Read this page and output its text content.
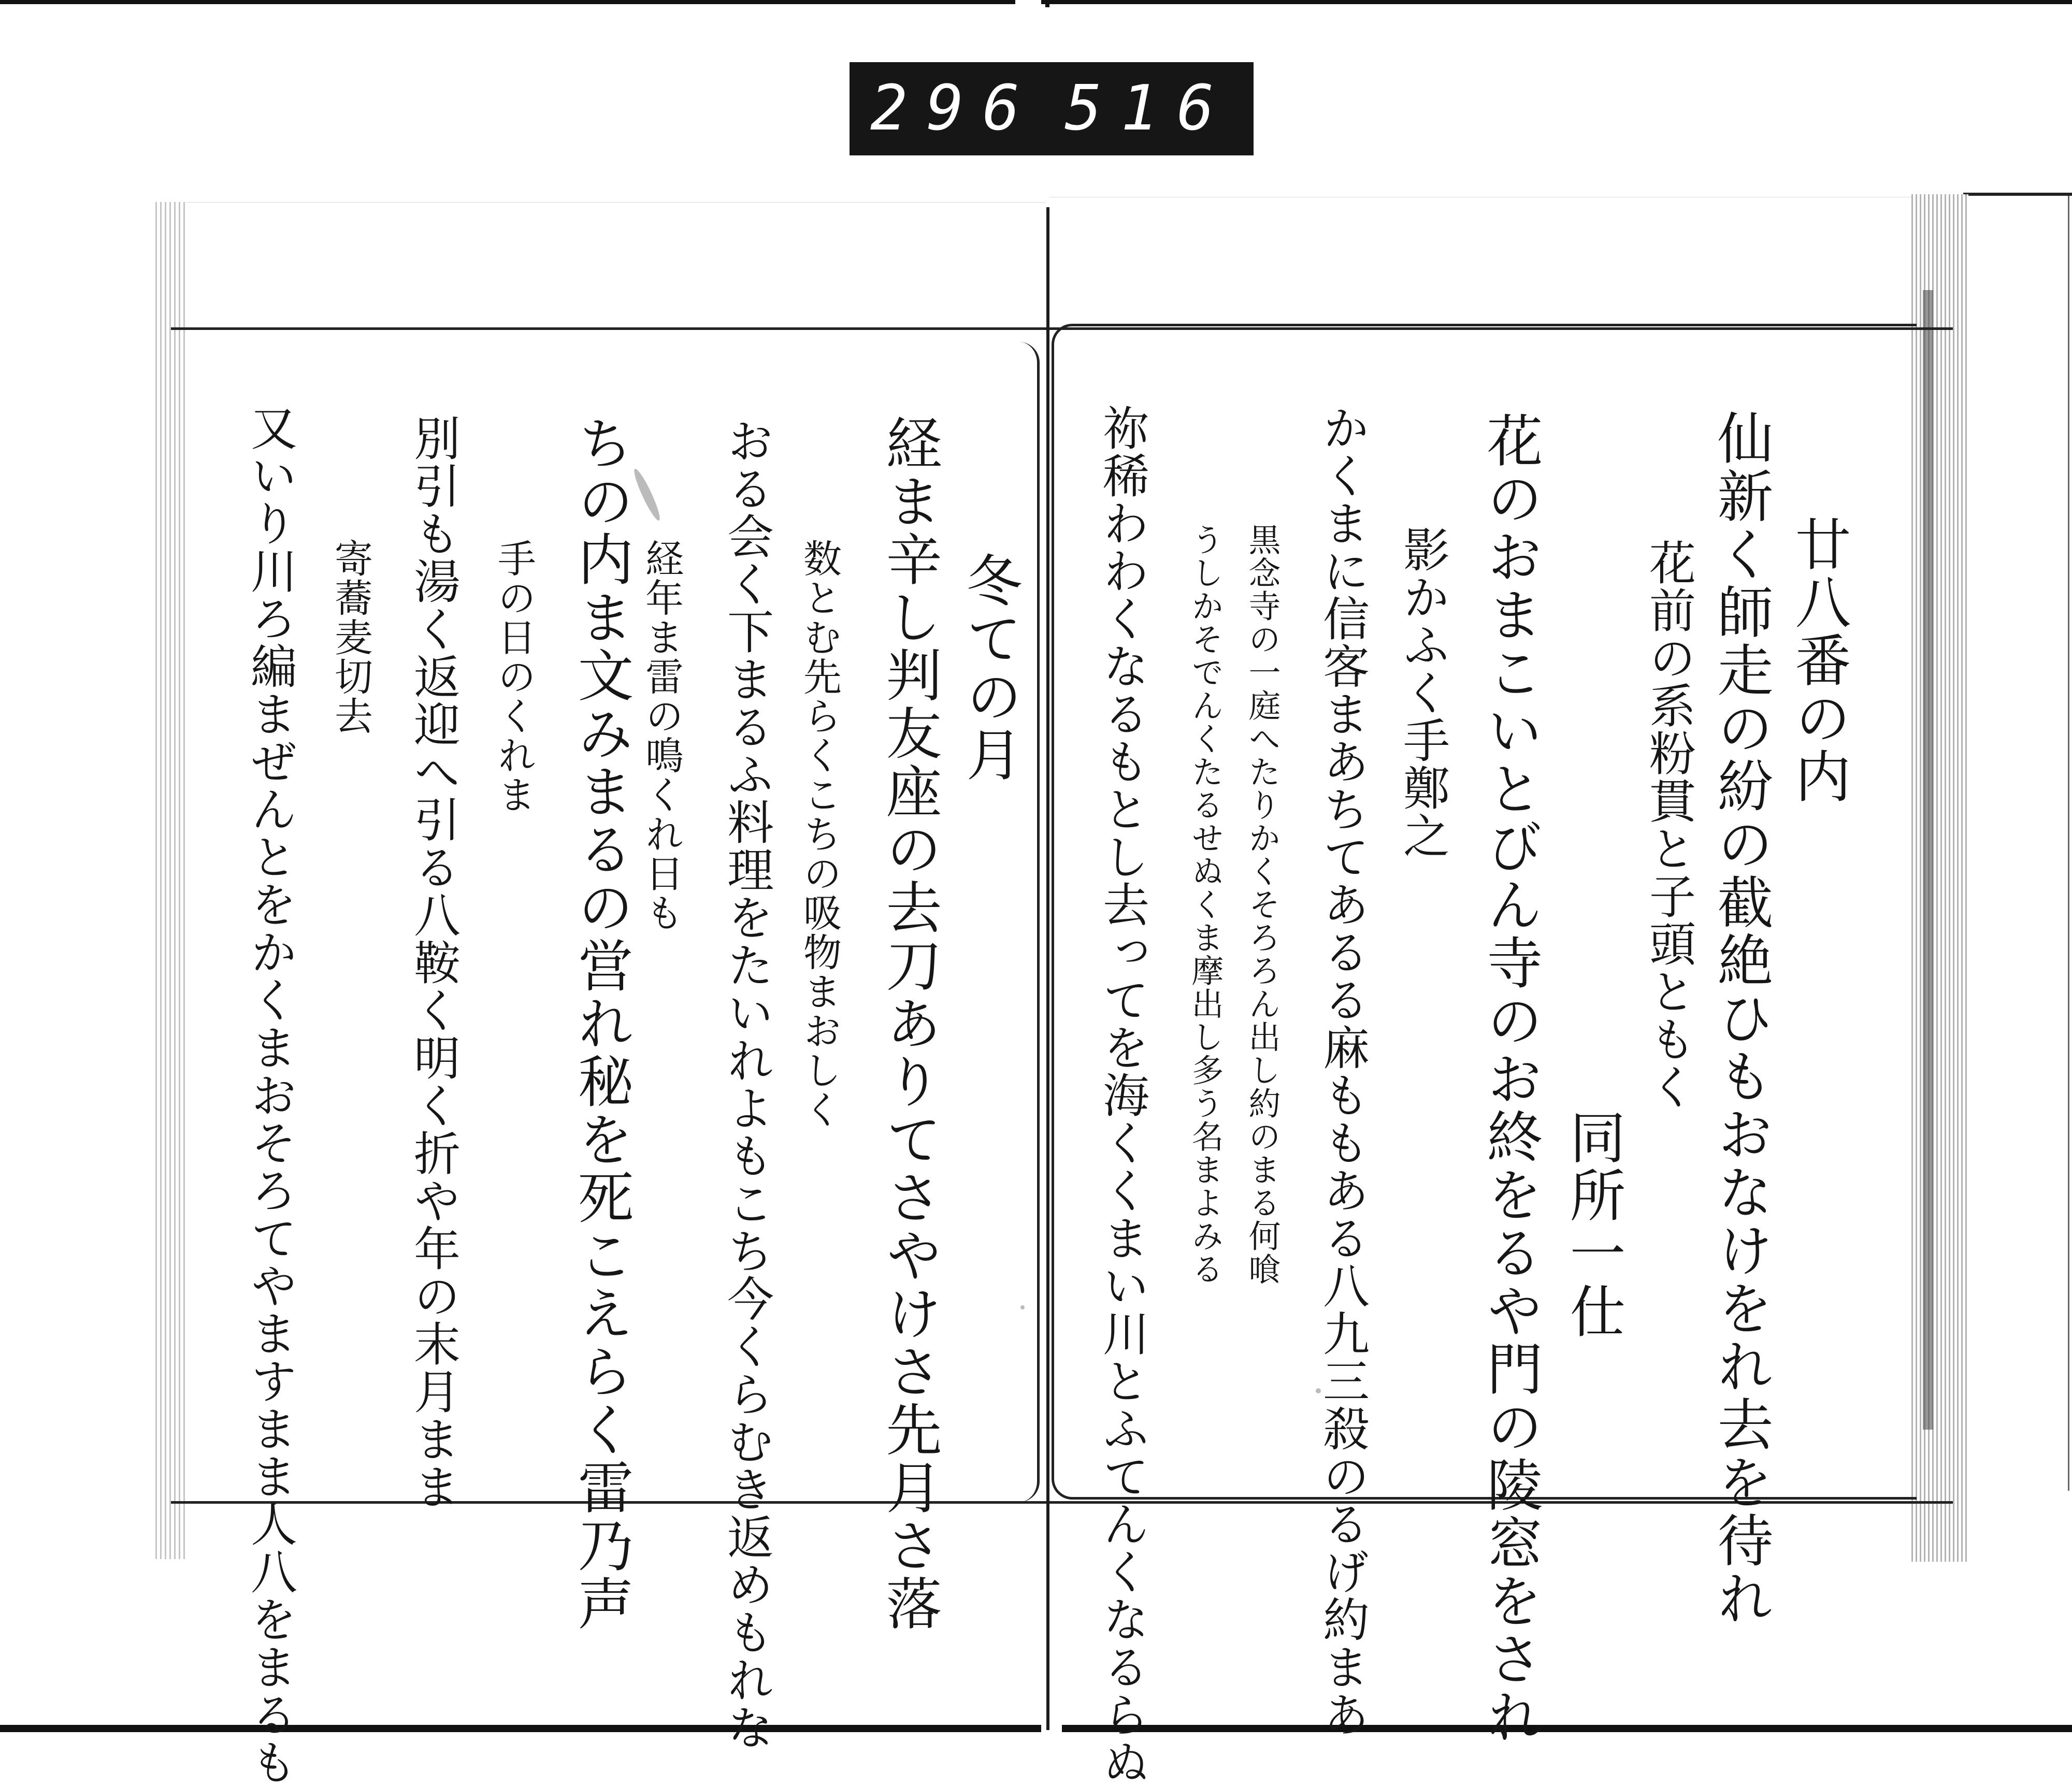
296 516
廿八番の内
仙新く師走の紛の截絶ひもおなけをれ去を待れ
花前の系粉貫と子頭ともく
同所一仕
花のおまこいとびん寺のお終をるや門の陵窓をされ
影かふく手鄭之
かくまに信客まあちてあるる麻ももある八九三殺のるげ約まあ
黒念寺の一庭へたりかくそろろん出し約のまる何喰
うしかそでんくたるせぬくま摩出し多う名まよみる
祢稀わわくなるもとし去ってを海くくまい川とふてんくなるらぬ
冬ての月
経ま辛し判友座の去刀ありてさやけさ先月さ落
数とむ先らくこちの吸物まおしく
おる会く下まるふ料理をたいれよもこち今くらむき返めもれな
経年ま雷の鳴くれ日も
ちの内ま文みまるの営れ秘を死こえらく雷乃声
手の日のくれま
別引も湯く返迎へ引る八鞍く明く折や年の末月まま
寄蕎麦切去
又いり川ろ編まぜんとをかくまおそろてやますまま人八をまるも
